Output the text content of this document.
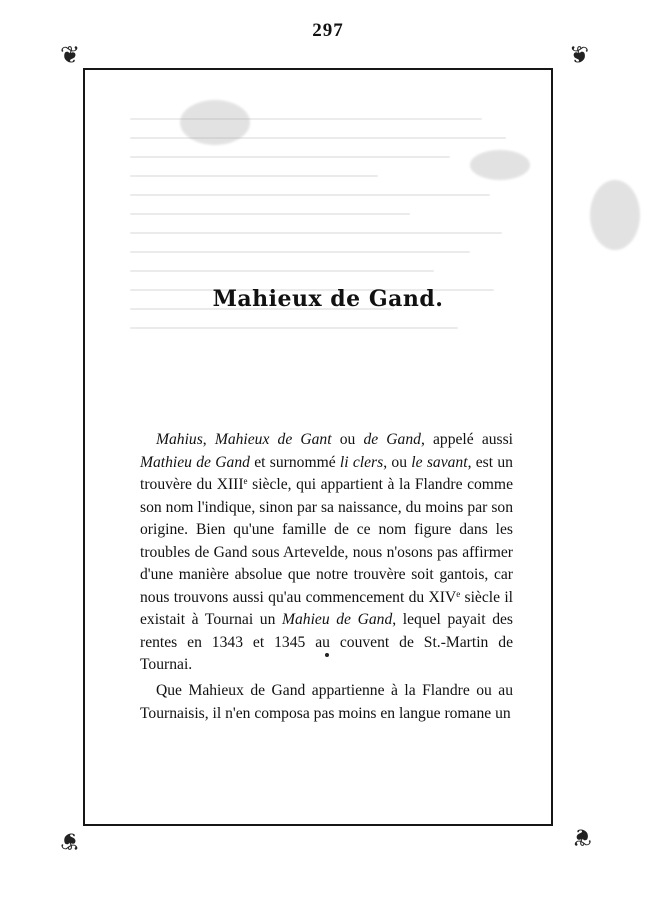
297
❦	❦
❦	❦
Mahieux de Gand.

Mahius, Mahieux de Gant ou de Gand, appelé aussi Mathieu de Gand et surnommé li clers, ou le savant, est un trouvère du XIIIe siècle, qui appartient à la Flandre comme son nom l'indique, sinon par sa naissance, du moins par son origine. Bien qu'une famille de ce nom figure dans les troubles de Gand sous Artevelde, nous n'osons pas affirmer d'une manière absolue que notre trouvère soit gantois, car nous trouvons aussi qu'au commencement du XIVe siècle il existait à Tournai un Mahieu de Gand, lequel payait des rentes en 1343 et 1345 au couvent de St.-Martin de Tournai.

Que Mahieux de Gand appartienne à la Flandre ou au Tournaisis, il n'en composa pas moins en langue romane un
